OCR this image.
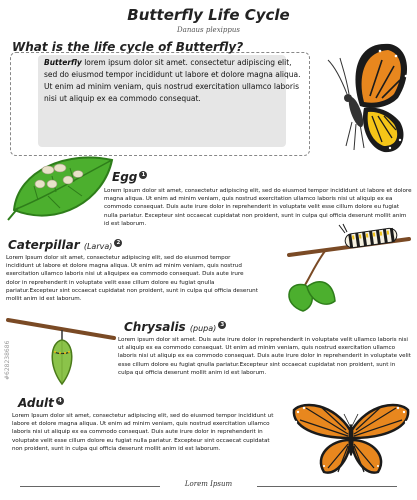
Butterfly Life Cycle
Danaus plexippus
What is the life cycle of Butterfly?
Butterfly lorem ipsum dolor sit amet. consectetur adipiscing elit, sed do eiusmod tempor incididunt ut labore et dolore magna aliqua. Ut enim ad minim veniam, quis nostrud exercitation ullamco laboris nisi ut aliquip ex ea commodo consequat.
Egg 1
Lorem Ipsum dolor sit amet, consectetur adipiscing elit, sed do eiusmod tempor incididunt ut labore et dolore magna aliqua. Ut enim ad minim veniam, quis nostrud exercitation ullamco laboris nisi ut aliquip ex ea commodo consequat. Duis aute irure dolor in reprehenderit in voluptate velit esse cillum dolore eu fugiat nulla pariatur. Excepteur sint occaecat cupidatat non proident, sunt in culpa qui officia deserunt mollit anim id est laborum.
Caterpillar (Larva) 2
Lorem Ipsum dolor sit amet, consectetur adipiscing elit, sed do eiusmod tempor incididunt ut labore et dolore magna aliqua. Ut enim ad minim veniam, quis nostrud exercitation ullamco laboris nisi ut aliquipex ea commodo consequat. Duis aute irure dolor in reprehenderit in voluptate velit esse cillum dolore eu fugiat qnulla pariatur.Excepteur sint occaecat cupidatat non proident, sunt in culpa qui officia deserunt mollit anim id est laborum.
Chrysalis (pupa) 3
Lorem ipsum dolor sit amet. Duis aute irure dolor in reprehenderit in voluptate velit ullamco laboris nisi ut aliquip ex ea commodo consequat. Ut enim ad minim veniam, quis nostrud exercitation ullamco laboris nisi ut aliquip ex ea commodo consequat. Duis aute irure dolor in reprehenderit in voluptate velit esse cillum dolore eu fugiat qnulla pariatur.Excepteur sint occaecat cupidatat non proident, sunt in culpa qui officia deserunt mollit anim id est laborum.
Adult 4
Lorem Ipsum dolor sit amet, consectetur adipiscing elit, sed do eiusmod tempor incididunt ut labore et dolore magna aliqua. Ut enim ad minim veniam, quis nostrud exercitation ullamco laboris nisi ut aliquip ex ea commodo consequat. Duis aute irure dolor in reprehenderit in voluptate velit esse cillum dolore eu fugiat nulla pariatur. Excepteur sint occaecat cupidatat non proident, sunt in culpa qui officia deserunt mollit anim id est laborum.
#628238686
Lorem Ipsum
